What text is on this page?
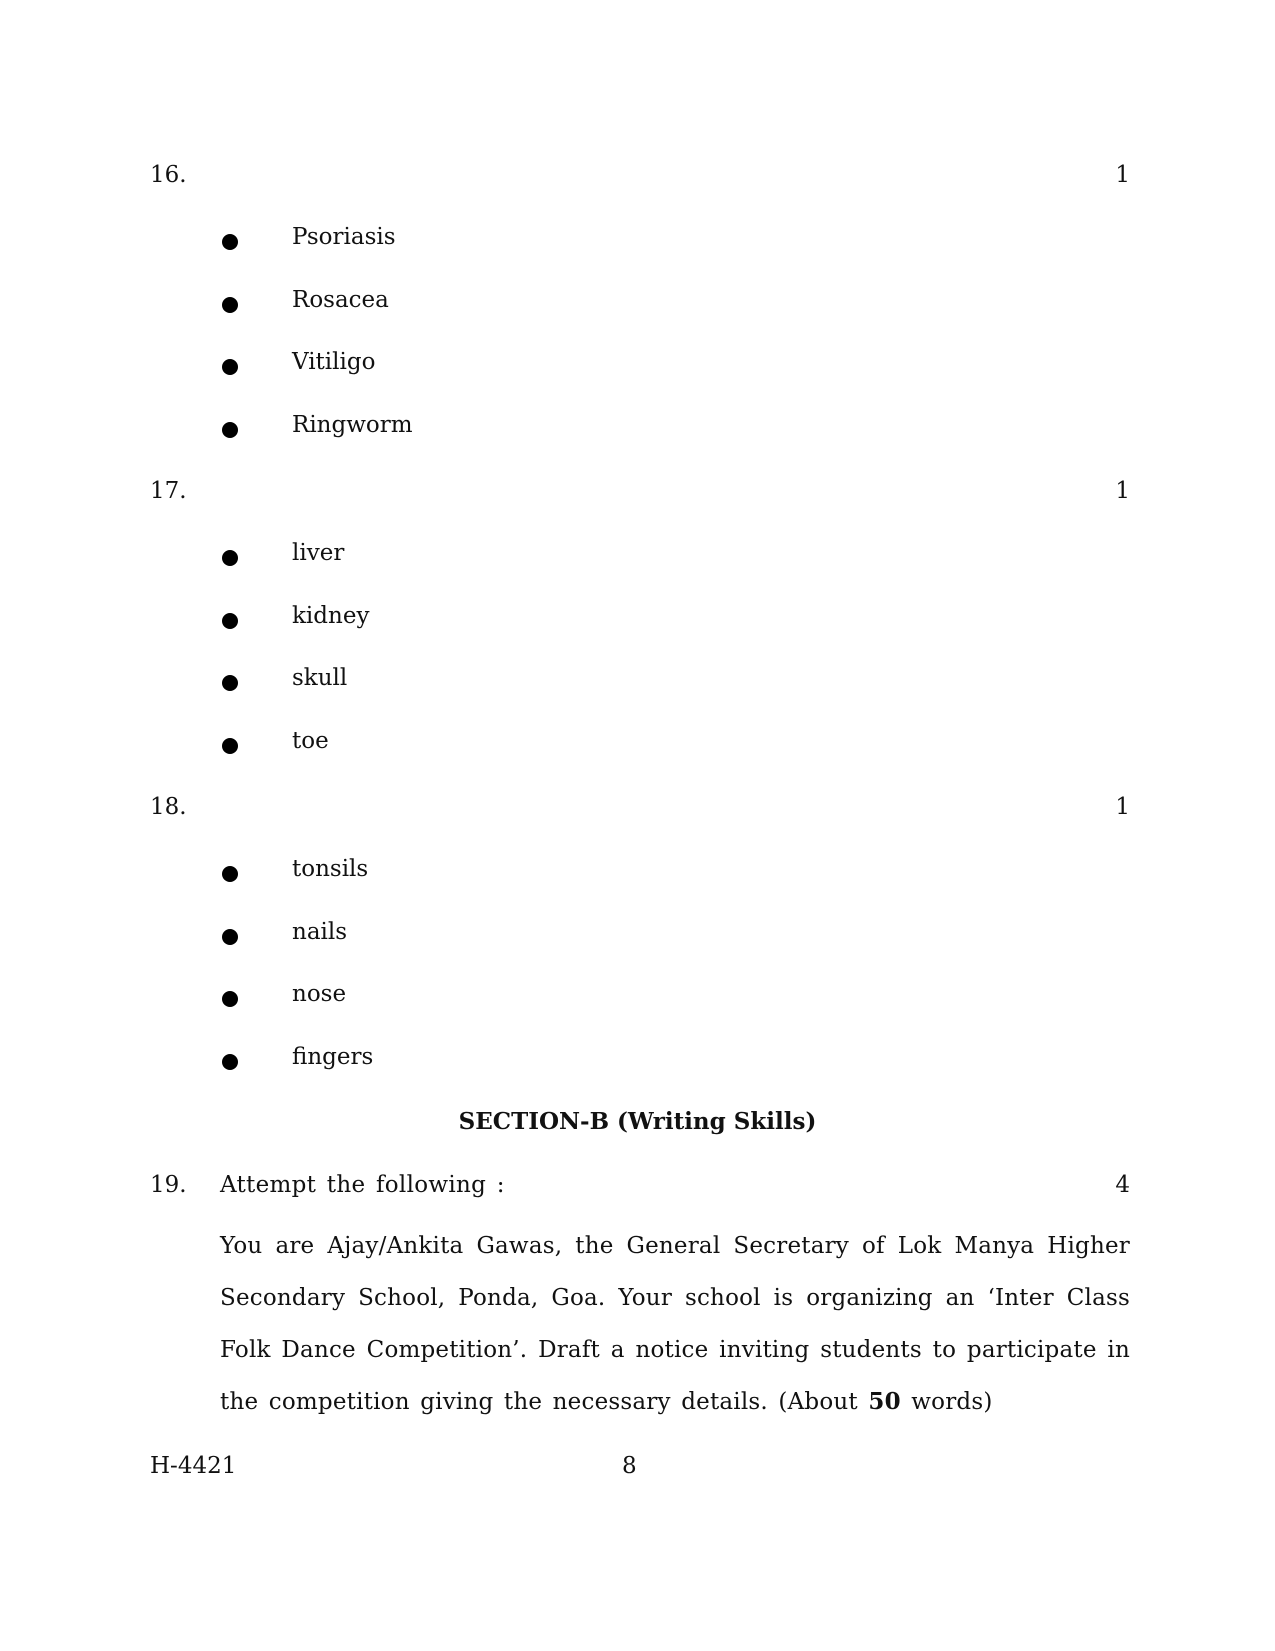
16.	1
Psoriasis
Rosacea
Vitiligo
Ringworm
17.	1
liver
kidney
skull
toe
18.	1
tonsils
nails
nose
fingers
SECTION-B (Writing Skills)
19. Attempt the following :	4
You are Ajay/Ankita Gawas, the General Secretary of Lok Manya Higher Secondary School, Ponda, Goa. Your school is organizing an ‘Inter Class Folk Dance Competition’. Draft a notice inviting students to participate in the competition giving the necessary details. (About 50 words)
H-4421	8
